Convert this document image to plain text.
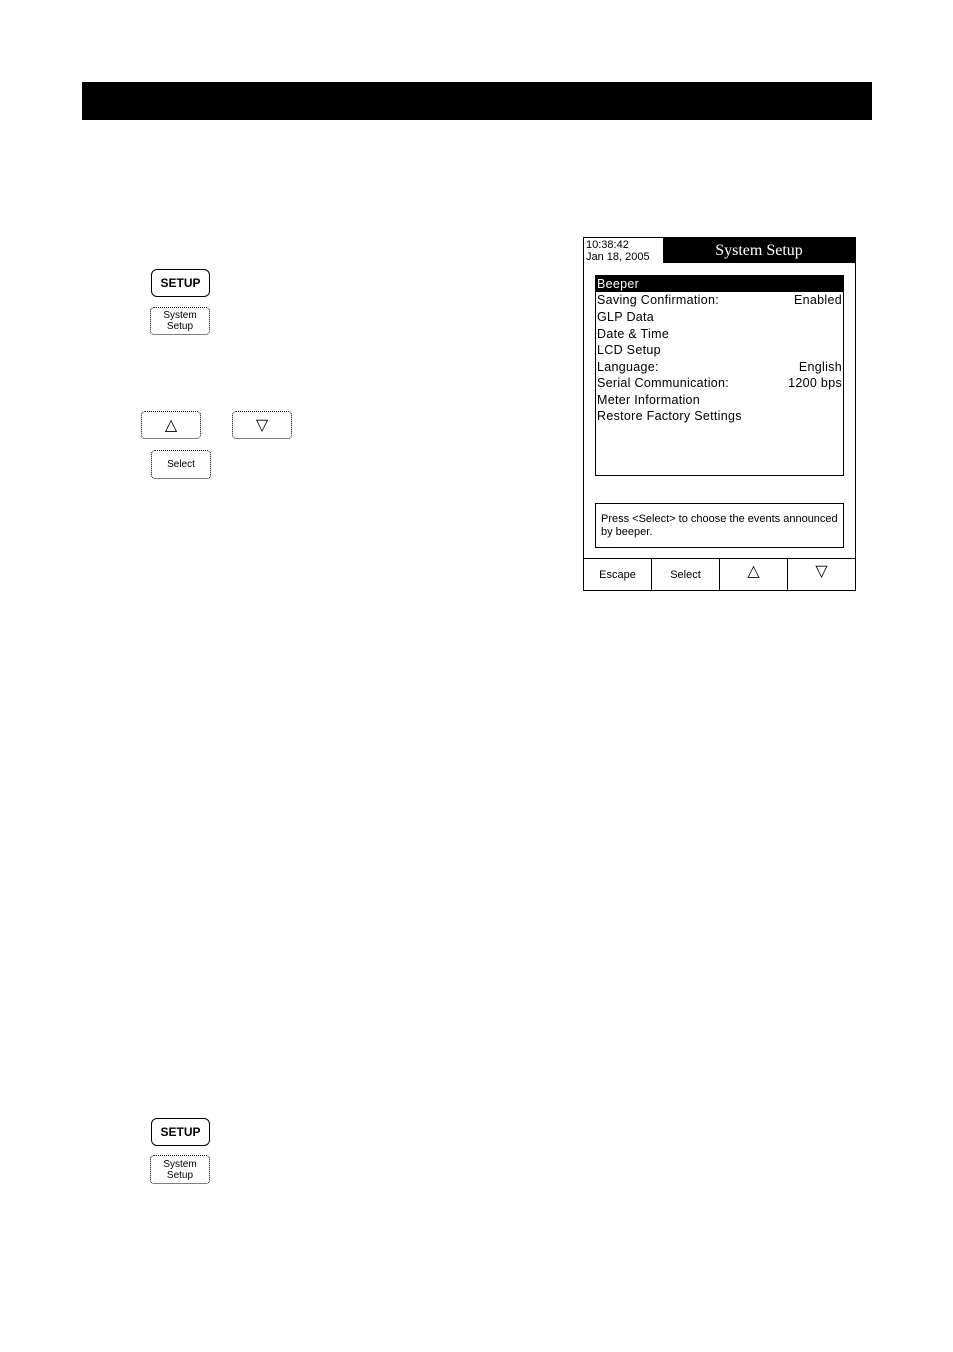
SETUP
System
Setup
△	▽
Select
10:38:42
Jan 18, 2005	System Setup
Beeper
Saving Confirmation:	Enabled
GLP Data
Date & Time
LCD Setup
Language:	English
Serial Communication:	1200 bps
Meter Information
Restore Factory Settings
Press <Select> to choose the events announced by beeper.
Escape	Select	△	▽
SETUP
System
Setup
